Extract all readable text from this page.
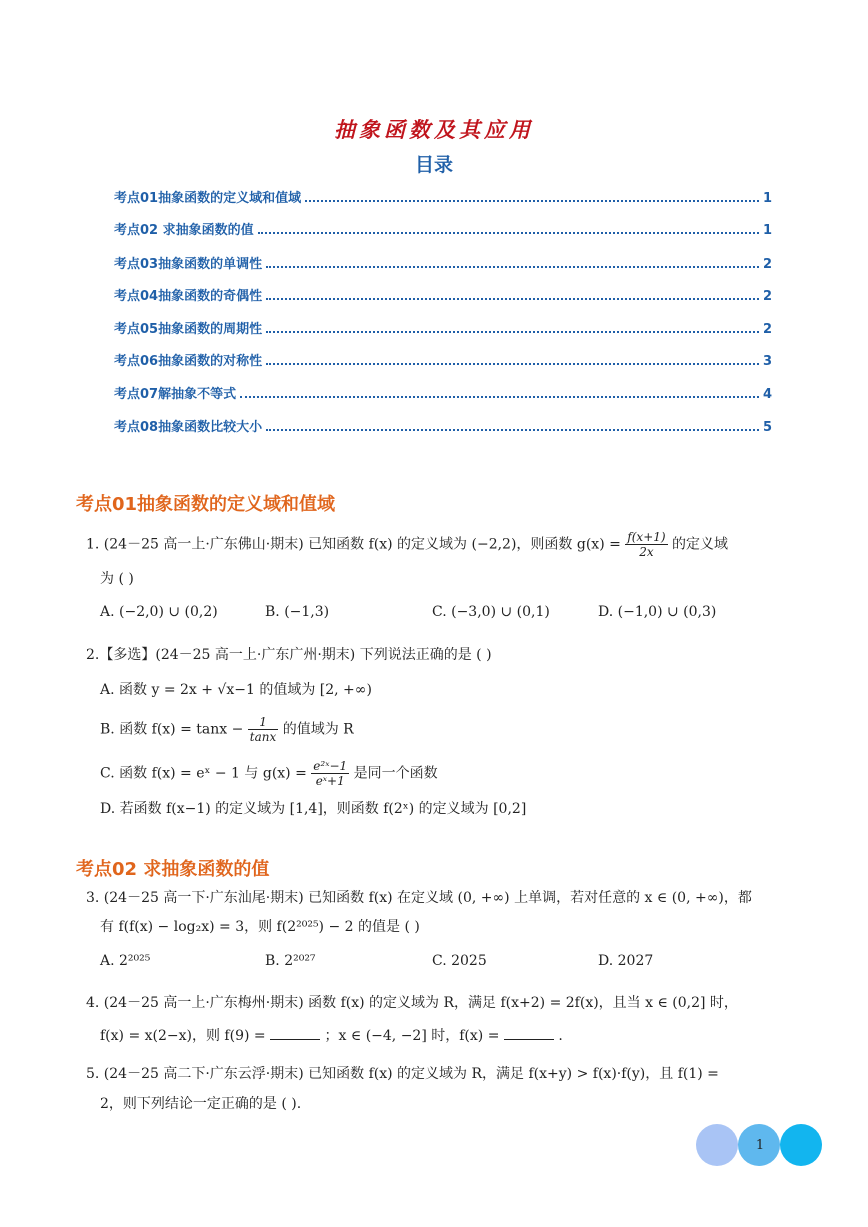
抽象函数及其应用
目录
考点01抽象函数的定义域和值域	1
考点02 求抽象函数的值	1
考点03抽象函数的单调性	2
考点04抽象函数的奇偶性	2
考点05抽象函数的周期性	2
考点06抽象函数的对称性	3
考点07解抽象不等式	4
考点08抽象函数比较大小	5
考点01抽象函数的定义域和值域
1. (24－25 高一上·广东佛山·期末) 已知函数 f(x) 的定义域为 (−2,2)，则函数 $g(x) = \frac{f(x+1)}{2x}$ 的定义域
为 ( )
A. (−2,0) ∪ (0,2)	B. (−1,3)	C. (−3,0) ∪ (0,1)	D. (−1,0) ∪ (0,3)
2.【多选】(24－25 高一上·广东广州·期末) 下列说法正确的是 ( )
A. 函数 y = 2x + √x−1 的值域为 [2, +∞)
B. 函数 $f(x) = \tan x - \frac{1}{\tan x}$ 的值域为 R
C. 函数 f(x) = eˣ − 1 与 $g(x) = \frac{\text{e²ˣ−1}}{\text{eˣ+1}}$ 是同一个函数
D. 若函数 f(x−1) 的定义域为 [1,4]，则函数 f(2ˣ) 的定义域为 [0,2]
考点02 求抽象函数的值
3. (24－25 高一下·广东汕尾·期末) 已知函数 f(x) 在定义域 (0, +∞) 上单调，若对任意的 x ∈ (0, +∞)，都
有 f(f(x) − log₂x) = 3，则 f(2²⁰²⁵) − 2 的值是 ( )
A. 2²⁰²⁵	B. 2²⁰²⁷	C. 2025	D. 2027
4. (24－25 高一上·广东梅州·期末) 函数 f(x) 的定义域为 R，满足 f(x+2) = 2f(x)，且当 x ∈ (0,2] 时，
f(x) = x(2−x)，则 f(9) =	；x ∈ (−4, −2] 时，f(x) =	.
5. (24－25 高二下·广东云浮·期末) 已知函数 f(x) 的定义域为 R，满足 f(x+y) > f(x)·f(y)，且 f(1) =
2，则下列结论一定正确的是 ( ).
1
